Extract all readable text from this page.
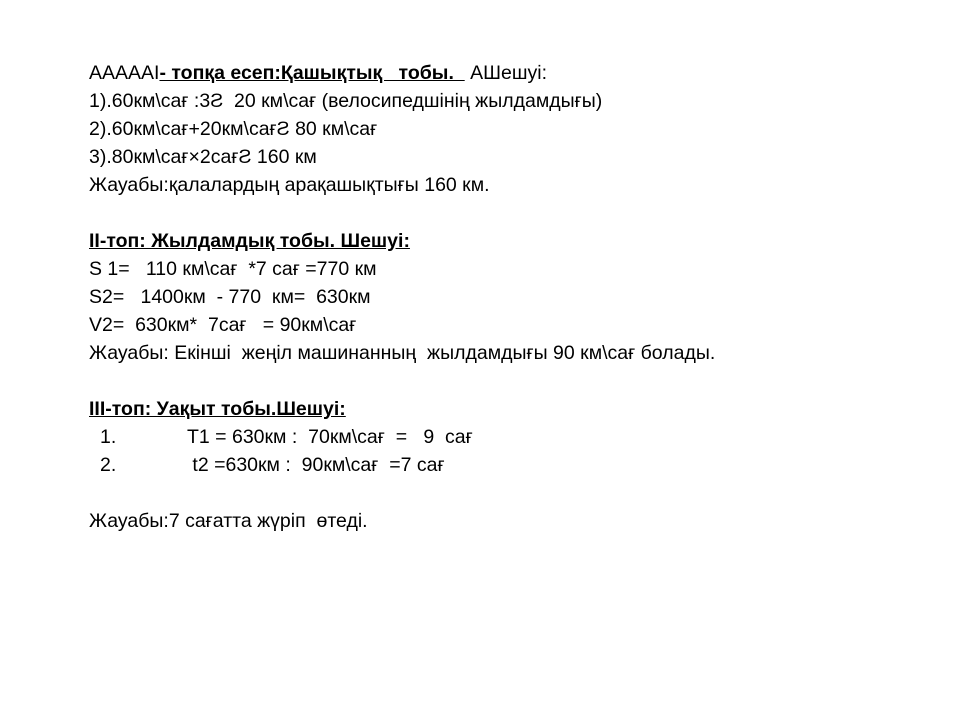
АААААI- топқа есеп:Қашықтық   тобы.   АШешуі:
1).60км\сағ :3Ƨ  20 км\сағ (велосипедшінің жылдамдығы)
2).60км\сағ+20км\сағƧ 80 км\сағ
3).80км\сағ×2сағƧ 160 км
Жауабы:қалалардың арақашықтығы 160 км.
II-топ: Жылдамдық тобы. Шешуі:
S 1=   110 км\сағ  *7 сағ =770 км
S2=   1400км  - 770  км=  630км
V2=  630км*  7сағ   = 90км\сағ
Жауабы: Екінші  жеңіл машинанның  жылдамдығы 90 км\сағ болады.
III-топ: Уақыт тобы.Шешуі:
1.	T1 = 630км :  70км\сағ  =   9  сағ
2.	t2 =630км :  90км\сағ  =7 сағ
Жауабы:7 сағатта жүріп  өтеді.
